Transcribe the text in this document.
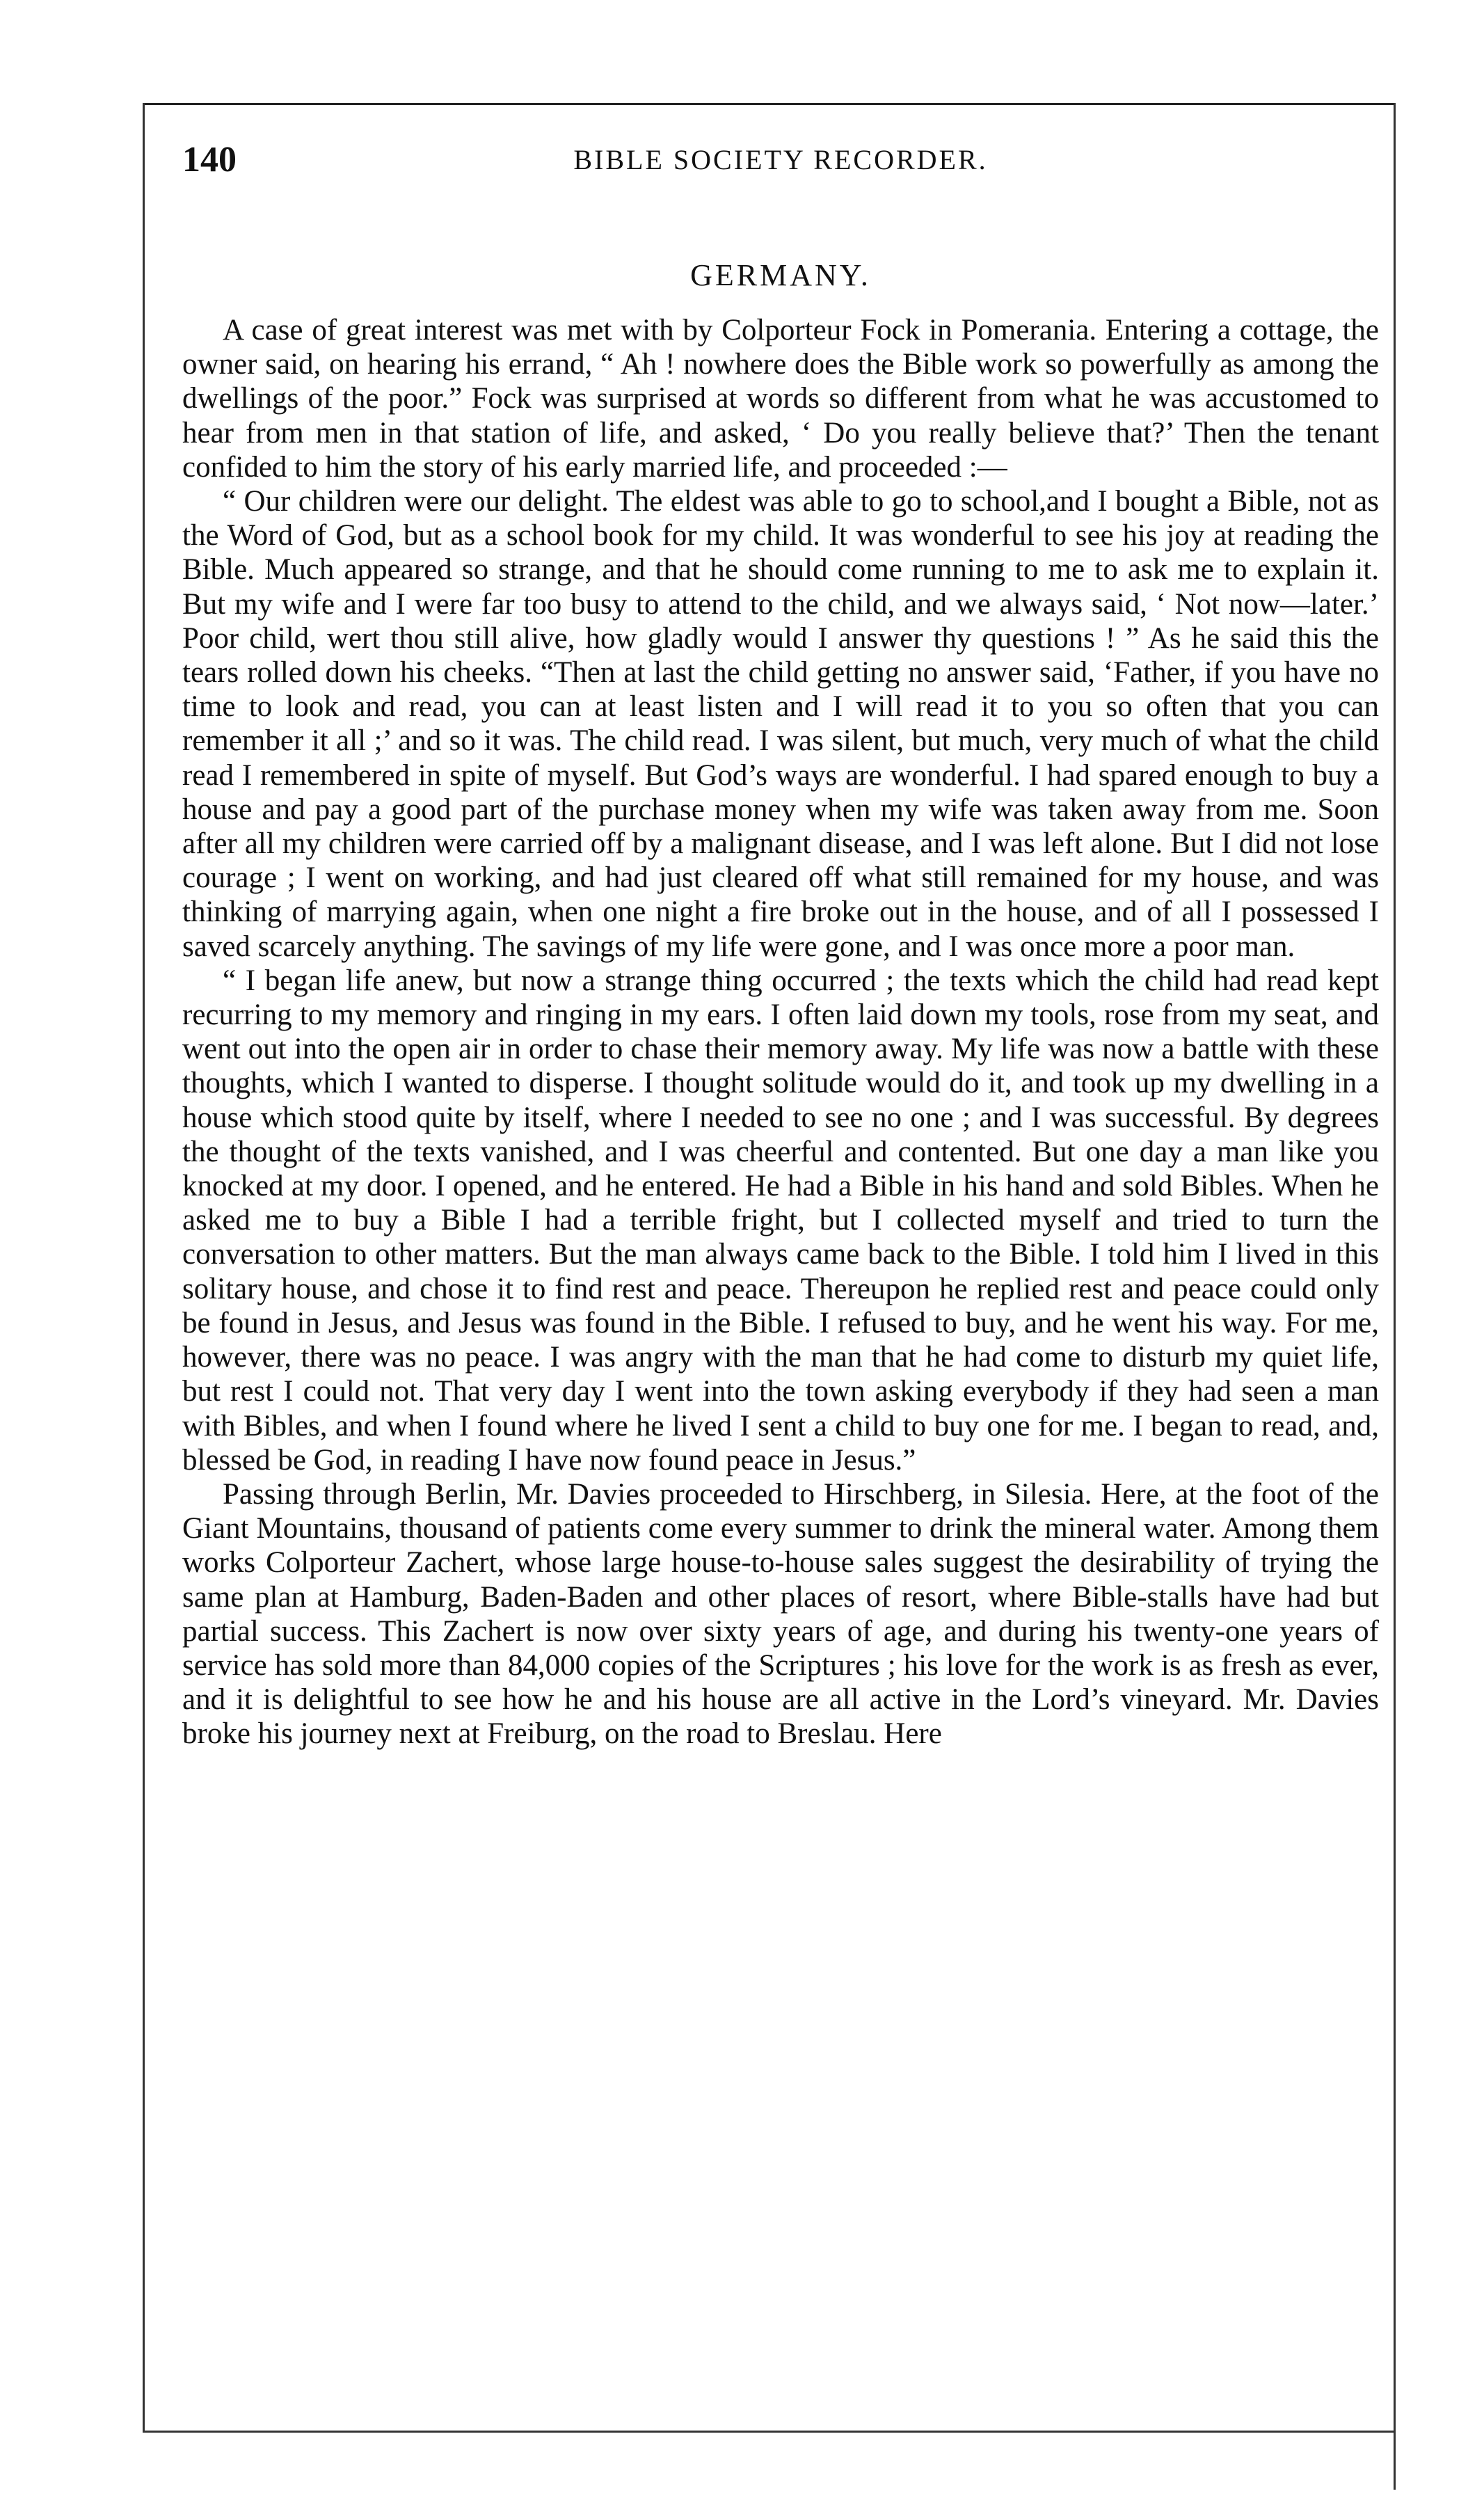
140	BIBLE SOCIETY RECORDER.
GERMANY.

A case of great interest was met with by Colporteur Fock in Pomerania. Entering a cottage, the owner said, on hearing his errand, “ Ah ! nowhere does the Bible work so powerfully as among the dwellings of the poor.” Fock was surprised at words so different from what he was accustomed to hear from men in that station of life, and asked, ‘ Do you really believe that?’ Then the tenant confided to him the story of his early married life, and proceeded :—

“ Our children were our delight. The eldest was able to go to school,and I bought a Bible, not as the Word of God, but as a school book for my child. It was wonderful to see his joy at reading the Bible. Much appeared so strange, and that he should come running to me to ask me to explain it. But my wife and I were far too busy to attend to the child, and we always said, ‘ Not now—later.’ Poor child, wert thou still alive, how gladly would I answer thy questions ! ” As he said this the tears rolled down his cheeks. “Then at last the child getting no answer said, ‘Father, if you have no time to look and read, you can at least listen and I will read it to you so often that you can remember it all ;’ and so it was. The child read. I was silent, but much, very much of what the child read I remembered in spite of myself. But God’s ways are wonderful. I had spared enough to buy a house and pay a good part of the purchase money when my wife was taken away from me. Soon after all my children were carried off by a malignant disease, and I was left alone. But I did not lose courage ; I went on working, and had just cleared off what still remained for my house, and was thinking of marrying again, when one night a fire broke out in the house, and of all I possessed I saved scarcely anything. The savings of my life were gone, and I was once more a poor man.

“ I began life anew, but now a strange thing occurred ; the texts which the child had read kept recurring to my memory and ringing in my ears. I often laid down my tools, rose from my seat, and went out into the open air in order to chase their memory away. My life was now a battle with these thoughts, which I wanted to disperse. I thought solitude would do it, and took up my dwelling in a house which stood quite by itself, where I needed to see no one ; and I was successful. By degrees the thought of the texts vanished, and I was cheerful and contented. But one day a man like you knocked at my door. I opened, and he entered. He had a Bible in his hand and sold Bibles. When he asked me to buy a Bible I had a terrible fright, but I collected myself and tried to turn the conversation to other matters. But the man always came back to the Bible. I told him I lived in this solitary house, and chose it to find rest and peace. Thereupon he replied rest and peace could only be found in Jesus, and Jesus was found in the Bible. I refused to buy, and he went his way. For me, however, there was no peace. I was angry with the man that he had come to disturb my quiet life, but rest I could not. That very day I went into the town asking everybody if they had seen a man with Bibles, and when I found where he lived I sent a child to buy one for me. I began to read, and, blessed be God, in reading I have now found peace in Jesus.”

Passing through Berlin, Mr. Davies proceeded to Hirschberg, in Silesia. Here, at the foot of the Giant Mountains, thousand of patients come every summer to drink the mineral water. Among them works Colporteur Zachert, whose large house-to-house sales suggest the desirability of trying the same plan at Hamburg, Baden-Baden and other places of resort, where Bible-stalls have had but partial success. This Zachert is now over sixty years of age, and during his twenty-one years of service has sold more than 84,000 copies of the Scriptures ; his love for the work is as fresh as ever, and it is delightful to see how he and his house are all active in the Lord’s vineyard. Mr. Davies broke his journey next at Freiburg, on the road to Breslau. Here
